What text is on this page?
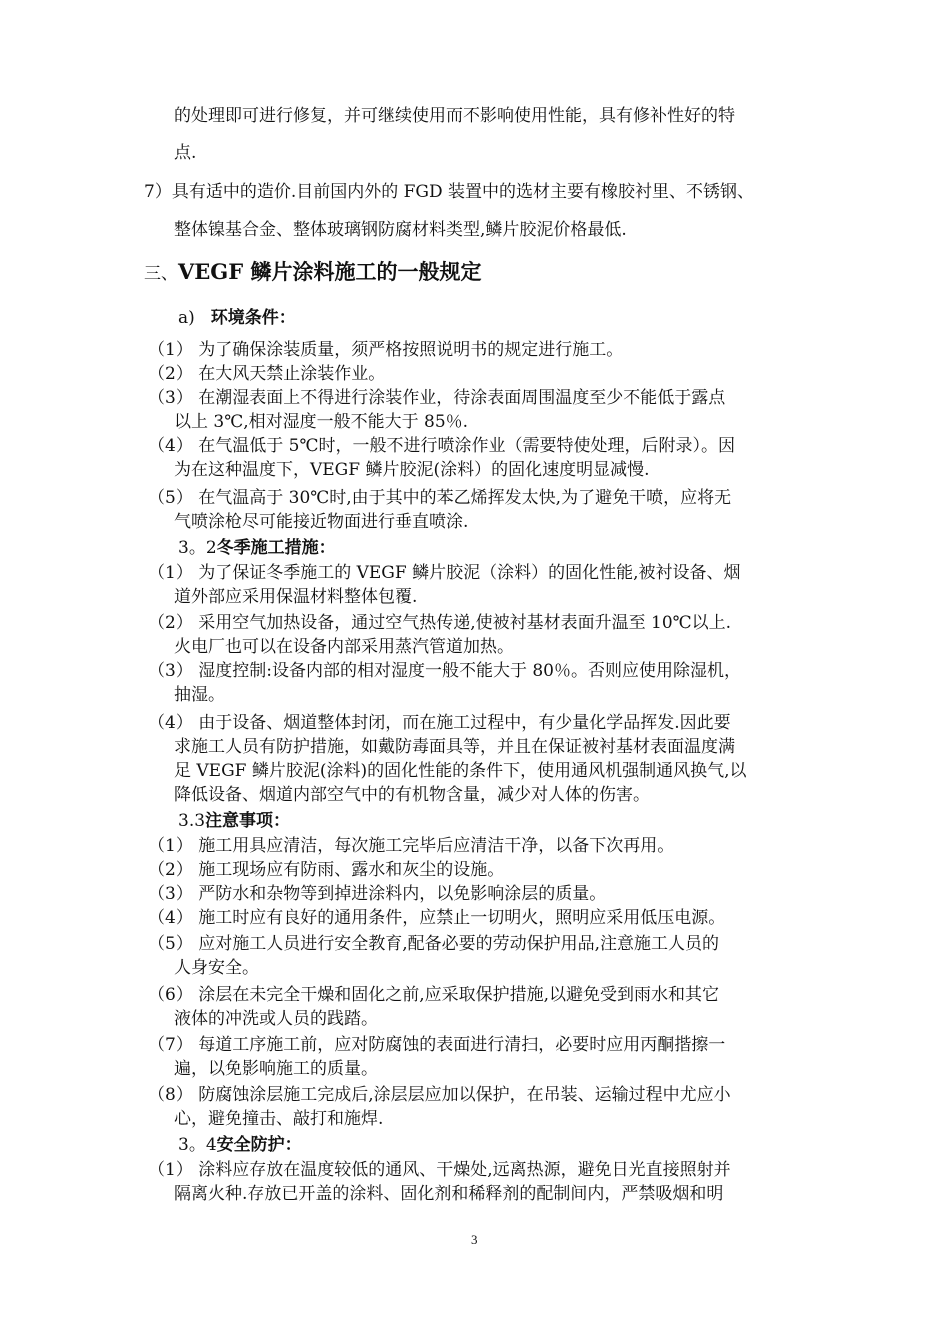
的处理即可进行修复，并可继续使用而不影响使用性能，具有修补性好的特
点.
7）具有适中的造价.目前国内外的 FGD 装置中的选材主要有橡胶衬里、不锈钢、
整体镍基合金、整体玻璃钢防腐材料类型,鳞片胶泥价格最低.
三、VEGF 鳞片涂料施工的一般规定
a) 环境条件：
（1） 为了确保涂装质量，须严格按照说明书的规定进行施工。
（2） 在大风天禁止涂装作业。
（3） 在潮湿表面上不得进行涂装作业，待涂表面周围温度至少不能低于露点
以上 3℃,相对湿度一般不能大于 85％.
（4） 在气温低于 5℃时，一般不进行喷涂作业（需要特使处理，后附录）。因
为在这种温度下，VEGF 鳞片胶泥(涂料）的固化速度明显减慢.
（5） 在气温高于 30℃时,由于其中的苯乙烯挥发太快,为了避免干喷，应将无
气喷涂枪尽可能接近物面进行垂直喷涂.
3。2冬季施工措施：
（1） 为了保证冬季施工的 VEGF 鳞片胶泥（涂料）的固化性能,被衬设备、烟
道外部应采用保温材料整体包覆.
（2） 采用空气加热设备，通过空气热传递,使被衬基材表面升温至 10℃以上.
火电厂也可以在设备内部采用蒸汽管道加热。
（3） 湿度控制:设备内部的相对湿度一般不能大于 80％。否则应使用除湿机，
抽湿。
（4） 由于设备、烟道整体封闭，而在施工过程中，有少量化学品挥发.因此要
求施工人员有防护措施，如戴防毒面具等，并且在保证被衬基材表面温度满
足 VEGF 鳞片胶泥(涂料)的固化性能的条件下，使用通风机强制通风换气,以
降低设备、烟道内部空气中的有机物含量，减少对人体的伤害。
3.3注意事项：
（1） 施工用具应清洁，每次施工完毕后应清洁干净，以备下次再用。
（2） 施工现场应有防雨、露水和灰尘的设施。
（3） 严防水和杂物等到掉进涂料内，以免影响涂层的质量。
（4） 施工时应有良好的通用条件，应禁止一切明火，照明应采用低压电源。
（5） 应对施工人员进行安全教育,配备必要的劳动保护用品,注意施工人员的
人身安全。
（6） 涂层在未完全干燥和固化之前,应采取保护措施,以避免受到雨水和其它
液体的冲洗或人员的践踏。
（7） 每道工序施工前，应对防腐蚀的表面进行清扫，必要时应用丙酮揩擦一
遍，以免影响施工的质量。
（8） 防腐蚀涂层施工完成后,涂层层应加以保护，在吊装、运输过程中尤应小
心，避免撞击、敲打和施焊.
3。4安全防护：
（1） 涂料应存放在温度较低的通风、干燥处,远离热源，避免日光直接照射并
隔离火种.存放已开盖的涂料、固化剂和稀释剂的配制间内，严禁吸烟和明
3
